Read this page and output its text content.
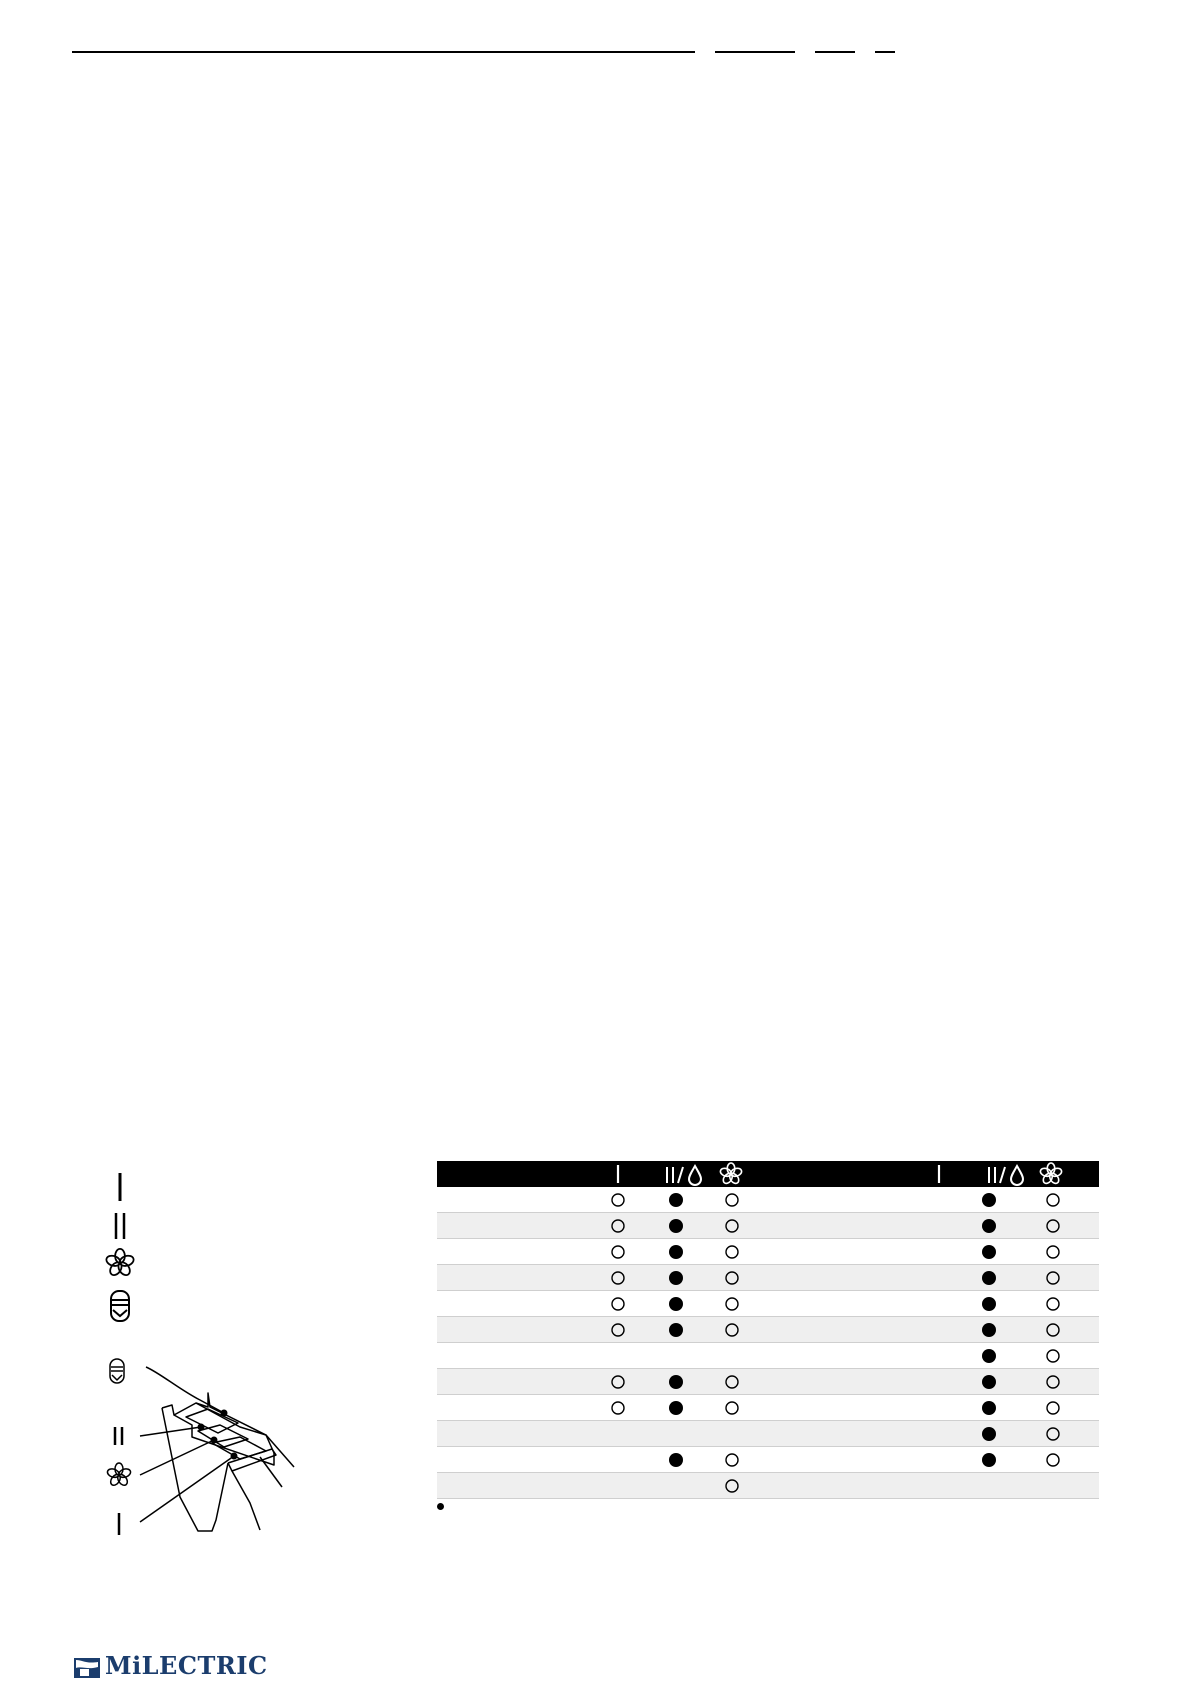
MiLECTRIC
